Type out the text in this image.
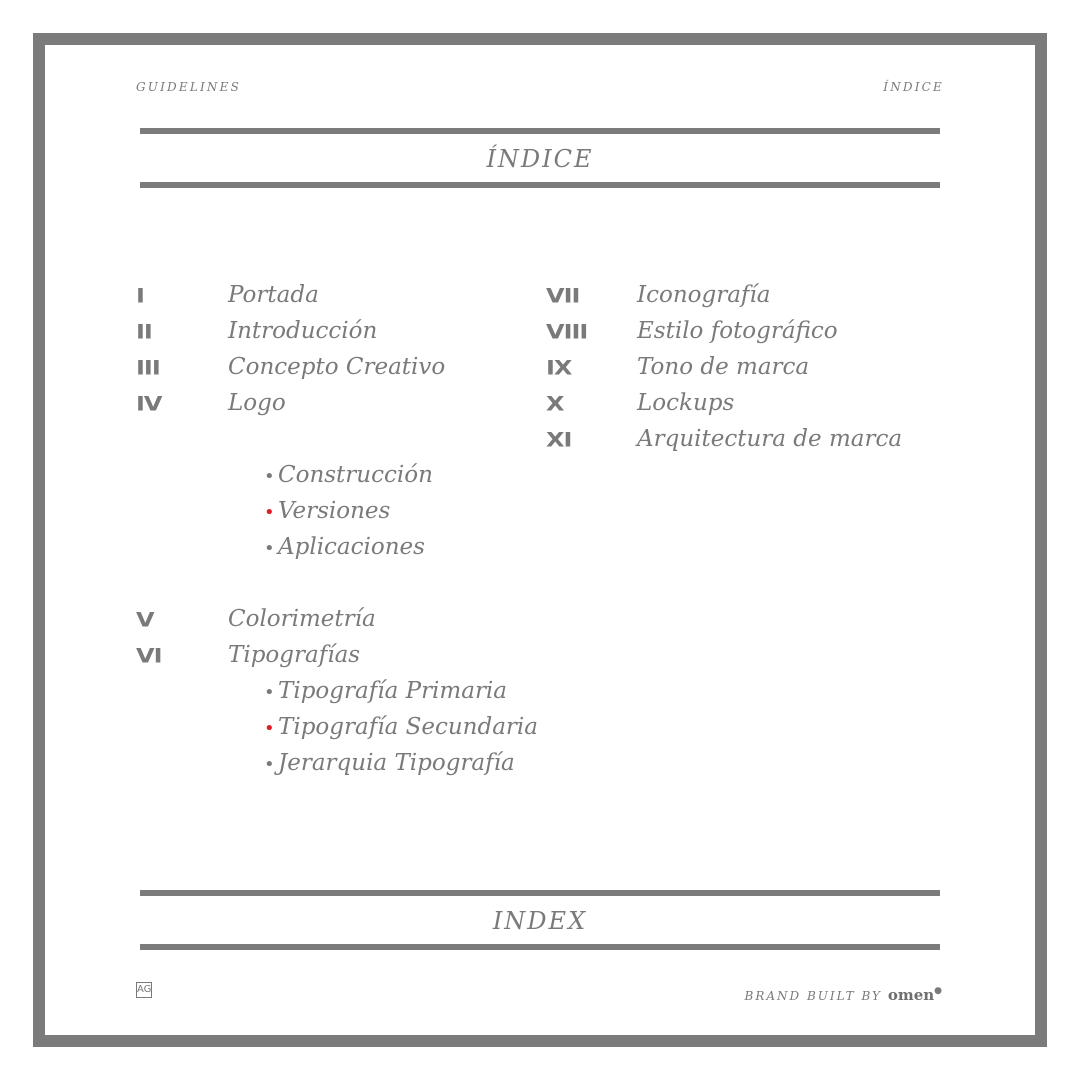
GUIDELINES	ÍNDICE
ÍNDICE
I	Portada
II	Introducción
III	Concepto Creativo
IV	Logo
• Construcción
• Versiones
• Aplicaciones
V	Colorimetría
VI	Tipografías
• Tipografía Primaria
• Tipografía Secundaria
• Jerarquia Tipografía
VII	Iconografía
VIII Estilo fotográfico
IX	Tono de marca
X	Lockups
XI	Arquitectura de marca
INDEX
AG	BRAND BUILT BY omen●
